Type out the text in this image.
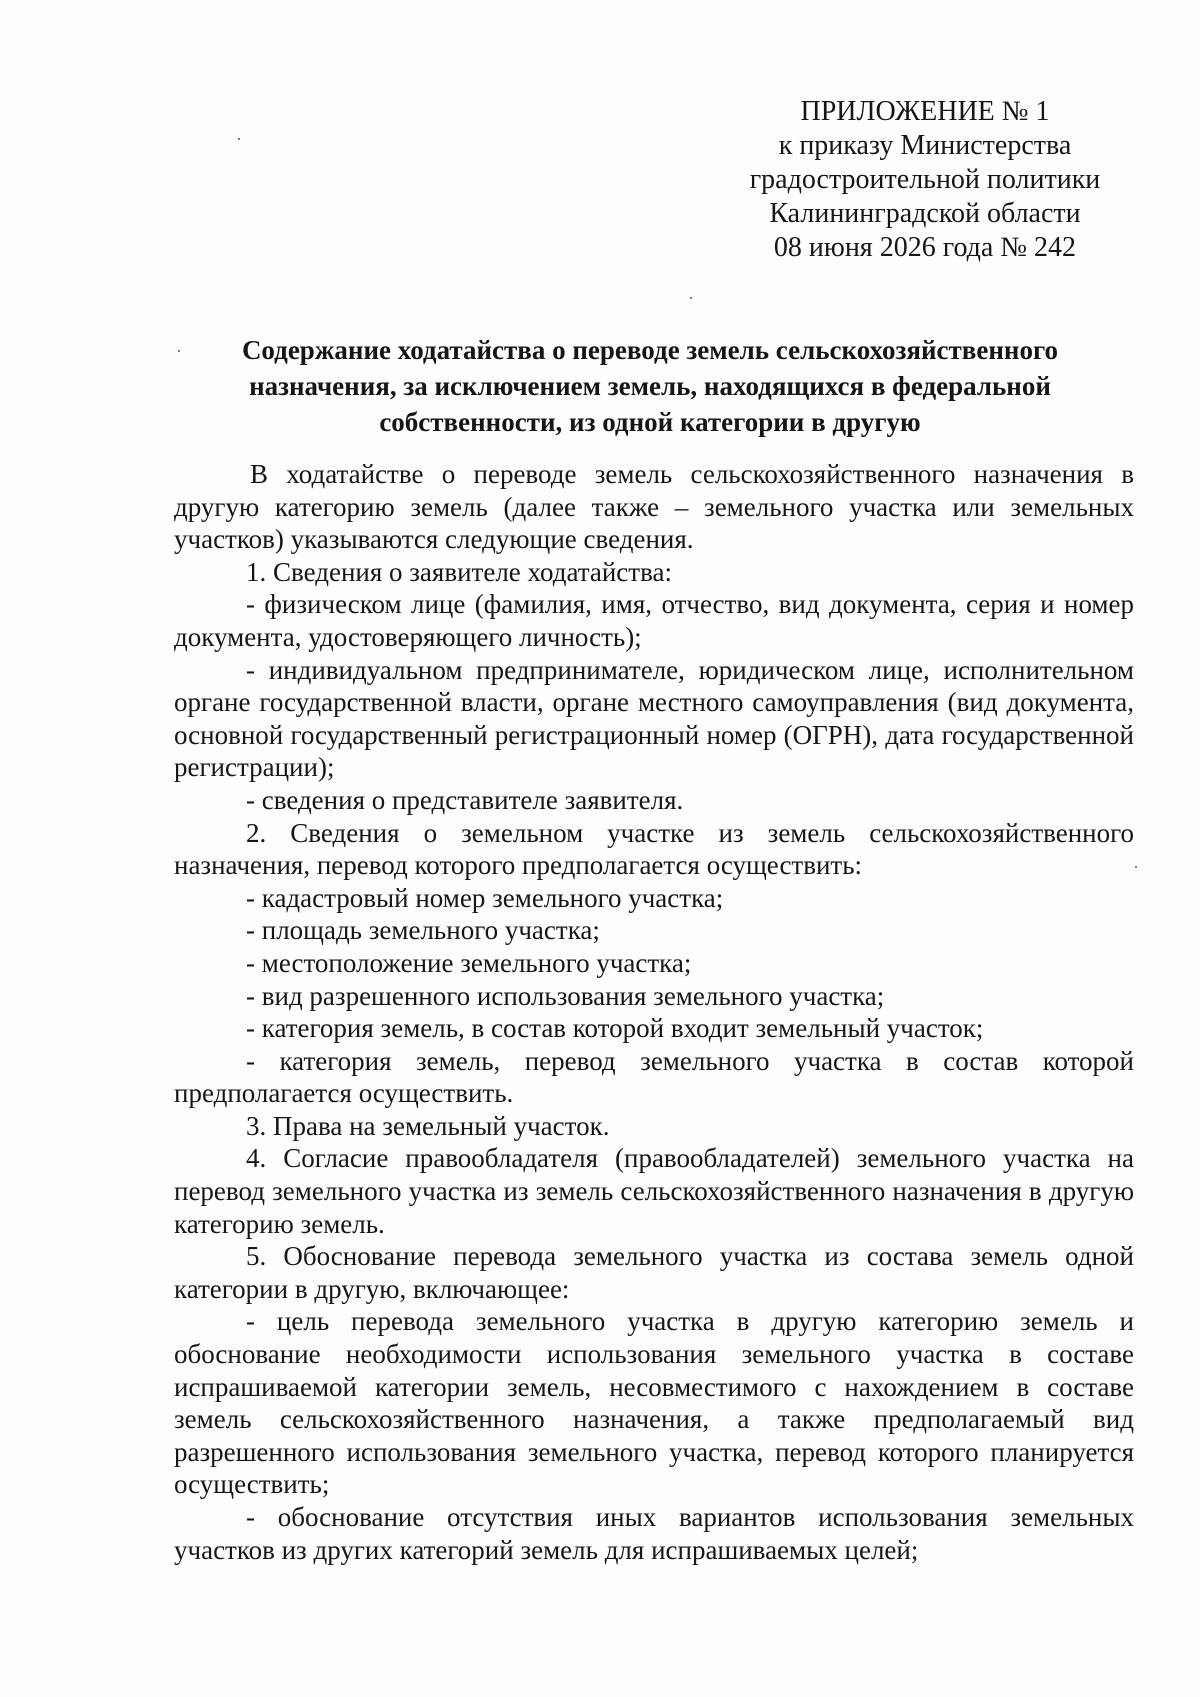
ПРИЛОЖЕНИЕ № 1
к приказу Министерства
градостроительной политики
Калининградской области
08 июня 2026 года № 242
Содержание ходатайства о переводе земель сельскохозяйственного
назначения, за исключением земель, находящихся в федеральной
собственности, из одной категории в другую

В ходатайстве о переводе земель сельскохозяйственного назначения в другую категорию земель (далее также – земельного участка или земельных участков) указываются следующие сведения.

1. Сведения о заявителе ходатайства:

- физическом лице (фамилия, имя, отчество, вид документа, серия и номер документа, удостоверяющего личность);

- индивидуальном предпринимателе, юридическом лице, исполнительном органе государственной власти, органе местного самоуправления (вид документа, основной государственный регистрационный номер (ОГРН), дата государственной регистрации);

- сведения о представителе заявителя.

2. Сведения о земельном участке из земель сельскохозяйственного назначения, перевод которого предполагается осуществить:

- кадастровый номер земельного участка;

- площадь земельного участка;

- местоположение земельного участка;

- вид разрешенного использования земельного участка;

- категория земель, в состав которой входит земельный участок;

- категория земель, перевод земельного участка в состав которой предполагается осуществить.

3. Права на земельный участок.

4. Согласие правообладателя (правообладателей) земельного участка на перевод земельного участка из земель сельскохозяйственного назначения в другую категорию земель.

5. Обоснование перевода земельного участка из состава земель одной категории в другую, включающее:

- цель перевода земельного участка в другую категорию земель и обоснование необходимости использования земельного участка в составе испрашиваемой категории земель, несовместимого с нахождением в составе земель сельскохозяйственного назначения, а также предполагаемый вид разрешенного использования земельного участка, перевод которого планируется осуществить;

- обоснование отсутствия иных вариантов использования земельных участков из других категорий земель для испрашиваемых целей;
